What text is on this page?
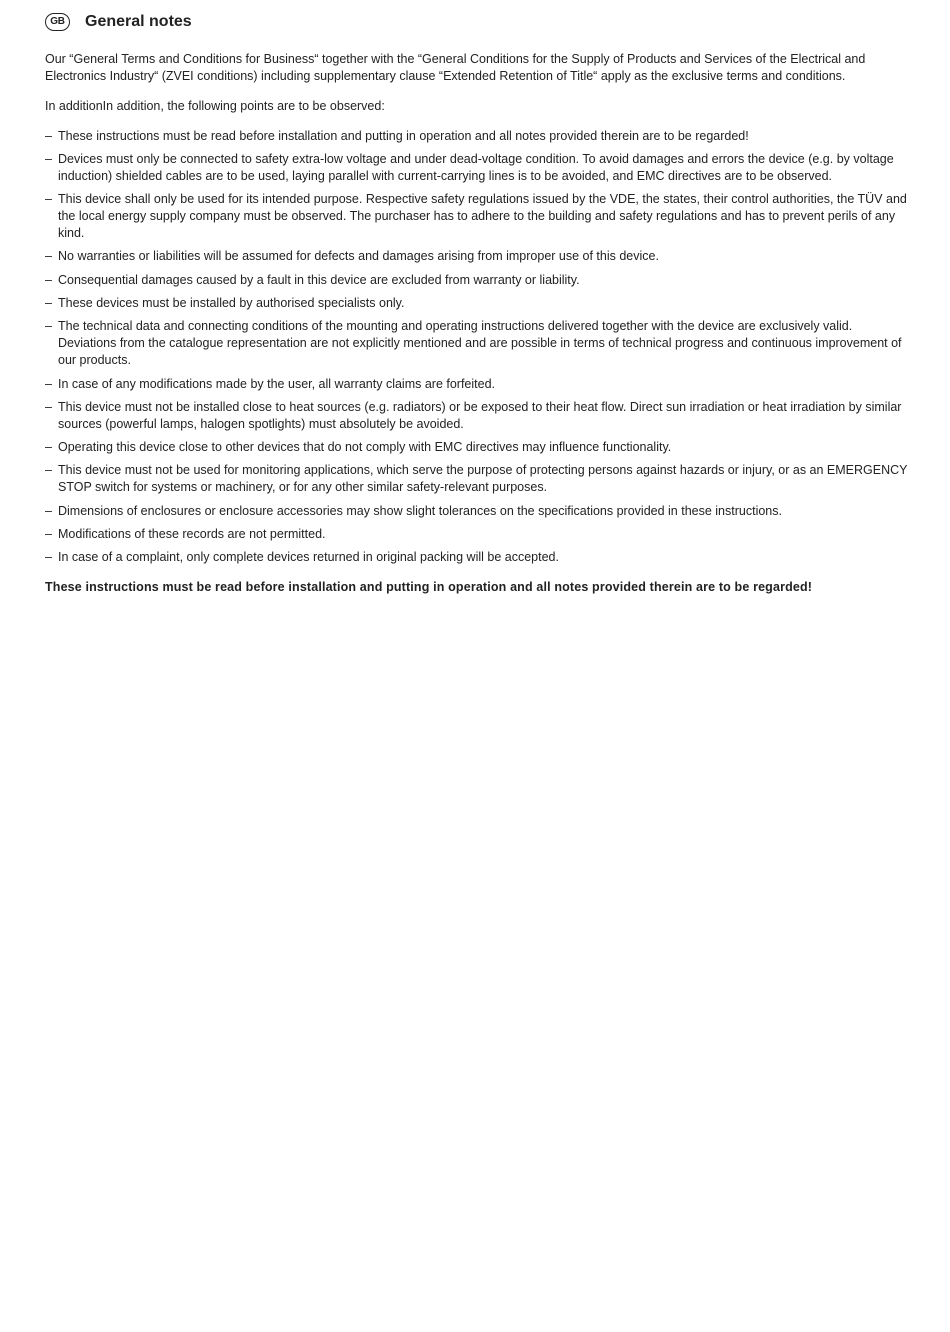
GB	General notes

Our “General Terms and Conditions for Business“ together with the “General Conditions for the Supply of Products and Services of the Electrical and Electronics Industry“ (ZVEI conditions) including supplementary clause “Extended Retention of Title“ apply as the exclusive terms and conditions.

In additionIn addition, the following points are to be observed:

– These instructions must be read before installation and putting in operation and all notes provided therein are to be regarded!
– Devices must only be connected to safety extra-low voltage and under dead-voltage condition. To avoid damages and errors the device (e.g. by voltage induction) shielded cables are to be used, laying parallel with current-carrying lines is to be avoided, and EMC directives are to be observed.
– This device shall only be used for its intended purpose. Respective safety regulations issued by the VDE, the states, their control authorities, the TÜV and the local energy supply company must be observed. The purchaser has to adhere to the building and safety regulations and has to prevent perils of any kind.
– No warranties or liabilities will be assumed for defects and damages arising from improper use of this device.
– Consequential damages caused by a fault in this device are excluded from warranty or liability.
– These devices must be installed by authorised specialists only.
– The technical data and connecting conditions of the mounting and operating instructions delivered together with the device are exclusively valid. Deviations from the catalogue representation are not explicitly mentioned and are possible in terms of technical progress and continuous improvement of our products.
– In case of any modifications made by the user, all warranty claims are forfeited.
– This device must not be installed close to heat sources (e.g. radiators) or be exposed to their heat flow. Direct sun irradiation or heat irradiation by similar sources (powerful lamps, halogen spotlights) must absolutely be avoided.
– Operating this device close to other devices that do not comply with EMC directives may influence functionality.
– This device must not be used for monitoring applications, which serve the purpose of protecting persons against hazards or injury, or as an EMERGENCY STOP switch for systems or machinery, or for any other similar safety-relevant purposes.
– Dimensions of enclosures or enclosure accessories may show slight tolerances on the specifications provided in these instructions.
– Modifications of these records are not permitted.
– In case of a complaint, only complete devices returned in original packing will be accepted.

These instructions must be read before installation and putting in operation and all notes provided therein are to be regarded!
